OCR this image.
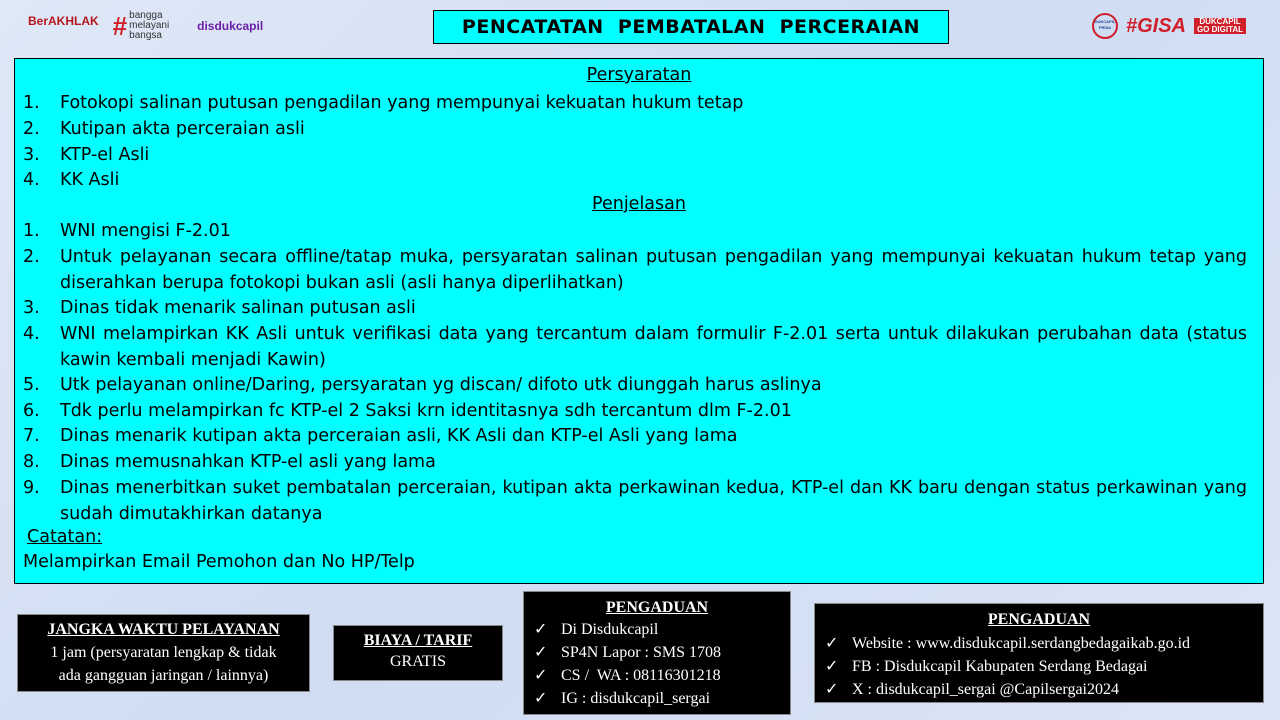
BerAKHLAK
# bangga melayani bangsa
disdukcapil	PENCATATAN  PEMBATALAN  PERCERAIAN	DUKCAPIL PRISA #GISA	DUKCAPIL GO DIGITAL
Persyaratan
1. Fotokopi salinan putusan pengadilan yang mempunyai kekuatan hukum tetap
2. Kutipan akta perceraian asli
3. KTP-el Asli
4. KK Asli
Penjelasan
1. WNI mengisi F-2.01
2. Untuk pelayanan secara offline/tatap muka, persyaratan salinan putusan pengadilan yang mempunyai kekuatan hukum tetap yang diserahkan berupa fotokopi bukan asli (asli hanya diperlihatkan)
3. Dinas tidak menarik salinan putusan asli
4. WNI melampirkan KK Asli untuk verifikasi data yang tercantum dalam formulir F-2.01 serta untuk dilakukan perubahan data (status kawin kembali menjadi Kawin)
5. Utk pelayanan online/Daring, persyaratan yg discan/ difoto utk diunggah harus aslinya
6. Tdk perlu melampirkan fc KTP-el 2 Saksi krn identitasnya sdh tercantum dlm F-2.01
7. Dinas menarik kutipan akta perceraian asli, KK Asli dan KTP-el Asli yang lama
8. Dinas memusnahkan KTP-el asli yang lama
9. Dinas menerbitkan suket pembatalan perceraian, kutipan akta perkawinan kedua, KTP-el dan KK baru dengan status perkawinan yang sudah dimutakhirkan datanya
Catatan:
Melampirkan Email Pemohon dan No HP/Telp
JANGKA WAKTU PELAYANAN
1 jam (persyaratan lengkap & tidak
ada gangguan jaringan / lainnya)
BIAYA / TARIF
GRATIS
PENGADUAN
✓ Di Disdukcapil
✓ SP4N Lapor : SMS 1708
✓ CS /  WA : 08116301218
✓ IG : disdukcapil_sergai
PENGADUAN
✓ Website : www.disdukcapil.serdangbedagaikab.go.id
✓ FB : Disdukcapil Kabupaten Serdang Bedagai
✓ X : disdukcapil_sergai @Capilsergai2024
